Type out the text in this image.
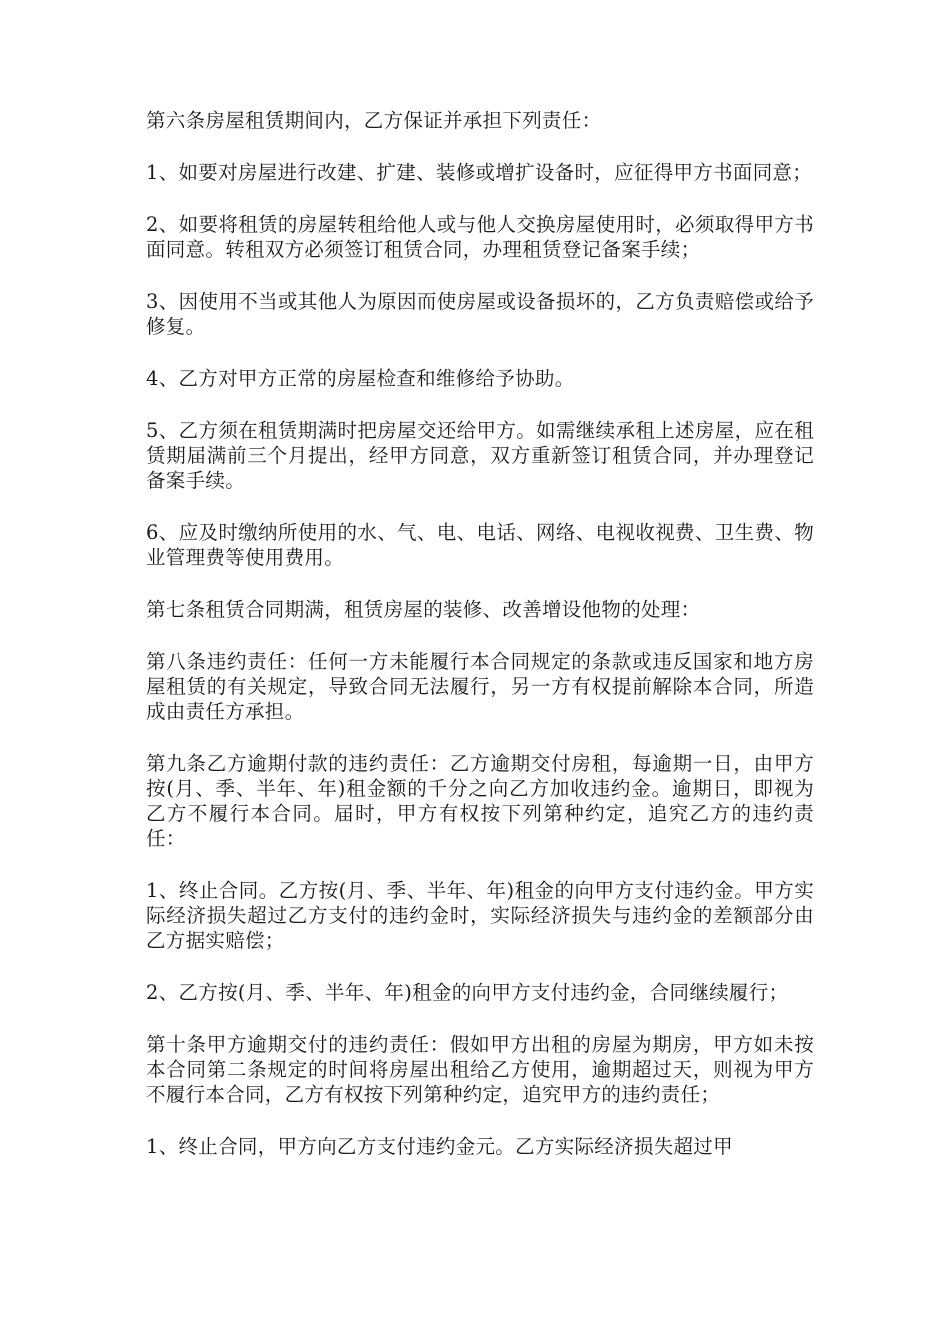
第六条房屋租赁期间内，乙方保证并承担下列责任：

1、如要对房屋进行改建、扩建、装修或增扩设备时，应征得甲方书面同意；

2、如要将租赁的房屋转租给他人或与他人交换房屋使用时，必须取得甲方书面同意。转租双方必须签订租赁合同，办理租赁登记备案手续；

3、因使用不当或其他人为原因而使房屋或设备损坏的，乙方负责赔偿或给予修复。

4、乙方对甲方正常的房屋检查和维修给予协助。

5、乙方须在租赁期满时把房屋交还给甲方。如需继续承租上述房屋，应在租赁期届满前三个月提出，经甲方同意，双方重新签订租赁合同，并办理登记备案手续。

6、应及时缴纳所使用的水、气、电、电话、网络、电视收视费、卫生费、物业管理费等使用费用。

第七条租赁合同期满，租赁房屋的装修、改善增设他物的处理：

第八条违约责任：任何一方未能履行本合同规定的条款或违反国家和地方房屋租赁的有关规定，导致合同无法履行，另一方有权提前解除本合同，所造成由责任方承担。

第九条乙方逾期付款的违约责任：乙方逾期交付房租，每逾期一日，由甲方按(月、季、半年、年)租金额的千分之向乙方加收违约金。逾期日，即视为乙方不履行本合同。届时，甲方有权按下列第种约定，追究乙方的违约责任：

1、终止合同。乙方按(月、季、半年、年)租金的向甲方支付违约金。甲方实际经济损失超过乙方支付的违约金时，实际经济损失与违约金的差额部分由乙方据实赔偿；

2、乙方按(月、季、半年、年)租金的向甲方支付违约金，合同继续履行；

第十条甲方逾期交付的违约责任：假如甲方出租的房屋为期房，甲方如未按本合同第二条规定的时间将房屋出租给乙方使用，逾期超过天，则视为甲方不履行本合同，乙方有权按下列第种约定，追究甲方的违约责任；

1、终止合同，甲方向乙方支付违约金元。乙方实际经济损失超过甲
